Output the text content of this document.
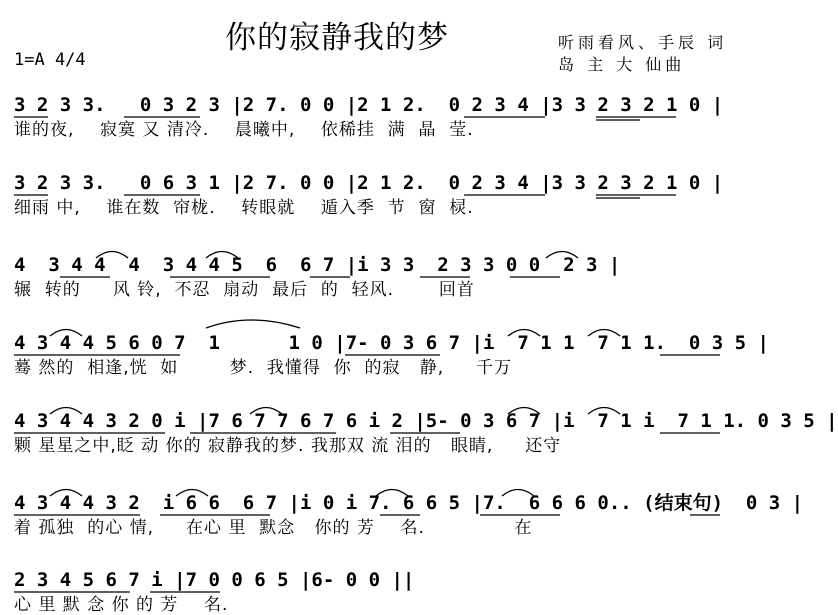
你的寂静我的梦	听雨看风、手辰 词
岛 主 大 仙曲
1=A 4/4
3 2 3 3.   0 3 2 3 |2 7. 0 0 |2 1 2.  0 2 3 4 |3 3 2 3 2 1 0 |
谁的夜,    寂寞 又 清冷.    晨曦中,    依稀挂  满  晶  莹.
3 2 3 3.   0 6 3 1 |2 7. 0 0 |2 1 2.  0 2 3 4 |3 3 2 3 2 1 0 |
细雨 中,    谁在数  帘栊.    转眼就    遁入季  节  窗  棂.
4  3 4 4  4  3 4 4 5  6  6 7 |i 3 3  2 3 3 0 0  2 3 |
辗  转的     风 铃,  不忍  扇动  最后  的  轻风.       回首
4 3 4 4 5 6 0 7  1      1 0 |7- 0 3 6 7 |i  7 1 1  7 1 1.  0 3 5 |
蓦 然的  相逢,恍  如        梦.  我懂得  你  的寂   静,     千万
4 3 4 4 3 2 0 i |7 6 7 7 6 7 6 i 2 |5- 0 3 6 7 |i  7 1 i  7 1 1. 0 3 5 |
颗 星星之中,眨 动 你的 寂静我的梦. 我那双 流 泪的   眼睛,     还守
4 3 4 4 3 2  i 6 6  6 7 |i 0 i 7. 6 6 5 |7.  6 6 6 0.. (结束句)  0 3 |
着 孤独  的心 情,     在心 里  默念   你的 芳    名.              在
2 3 4 5 6 7 i |7 0 0 6 5 |6- 0 0 ||
心 里 默 念 你 的 芳    名.
